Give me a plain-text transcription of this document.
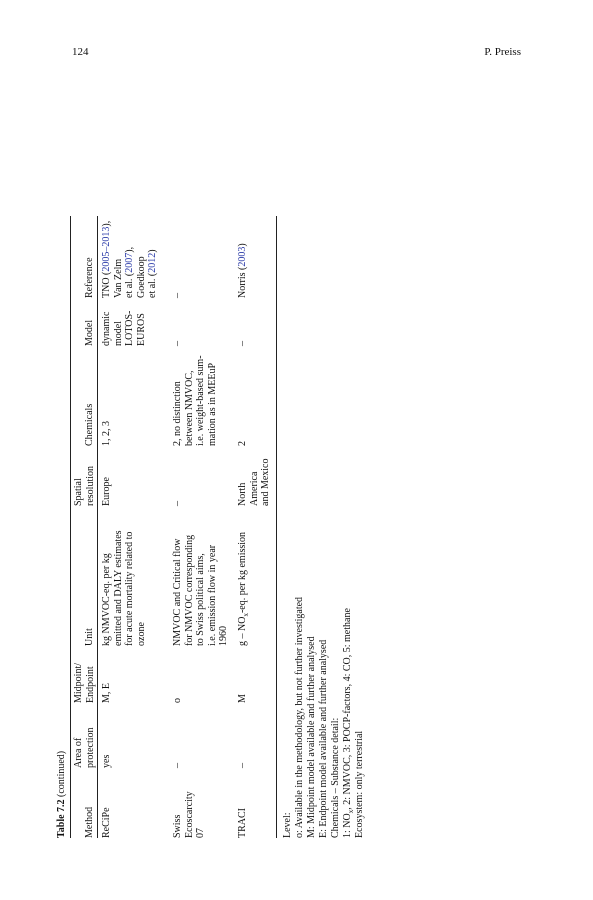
124	P. Preiss
Table 7.2 (continued)
Method
Area of
protection
Midpoint/
Endpoint
Unit
Spatial
resolution
Chemicals
Model
Reference
ReCiPe
yes
M, E
kg NMVOC-eq. per kg
emitted and DALY estimates
for acute mortality related to
ozone
Europe
1, 2, 3
dynamic
model
LOTOS-
EUROS
TNO (2005–2013),
Van Zelm et al. (2007),
Goedkoop et al. (2012)
Swiss
Ecoscarcity
07
–
o
NMVOC and Critical flow
for NMVOC corresponding
to Swiss political aims,
i.e. emission flow in year
1960
–
2, no distinction
between NMVOC,
i.e. weight-based sum-
mation as in MEEuP
–
–
TRACI
–
M
g – $NO_x-eq$. per kg emission
North
America
and Mexico
2
–
Norris (2003)
Level: o: Available in the methodology, but not further investigated M: Midpoint model available and further analysed E: Endpoint model available and further analysed Chemicals – Substance detail: 1: $NO_x$, 2: NMVOC, 3: POCP-factors, 4: CO, 5: methane Ecosystem: only terrestrial
